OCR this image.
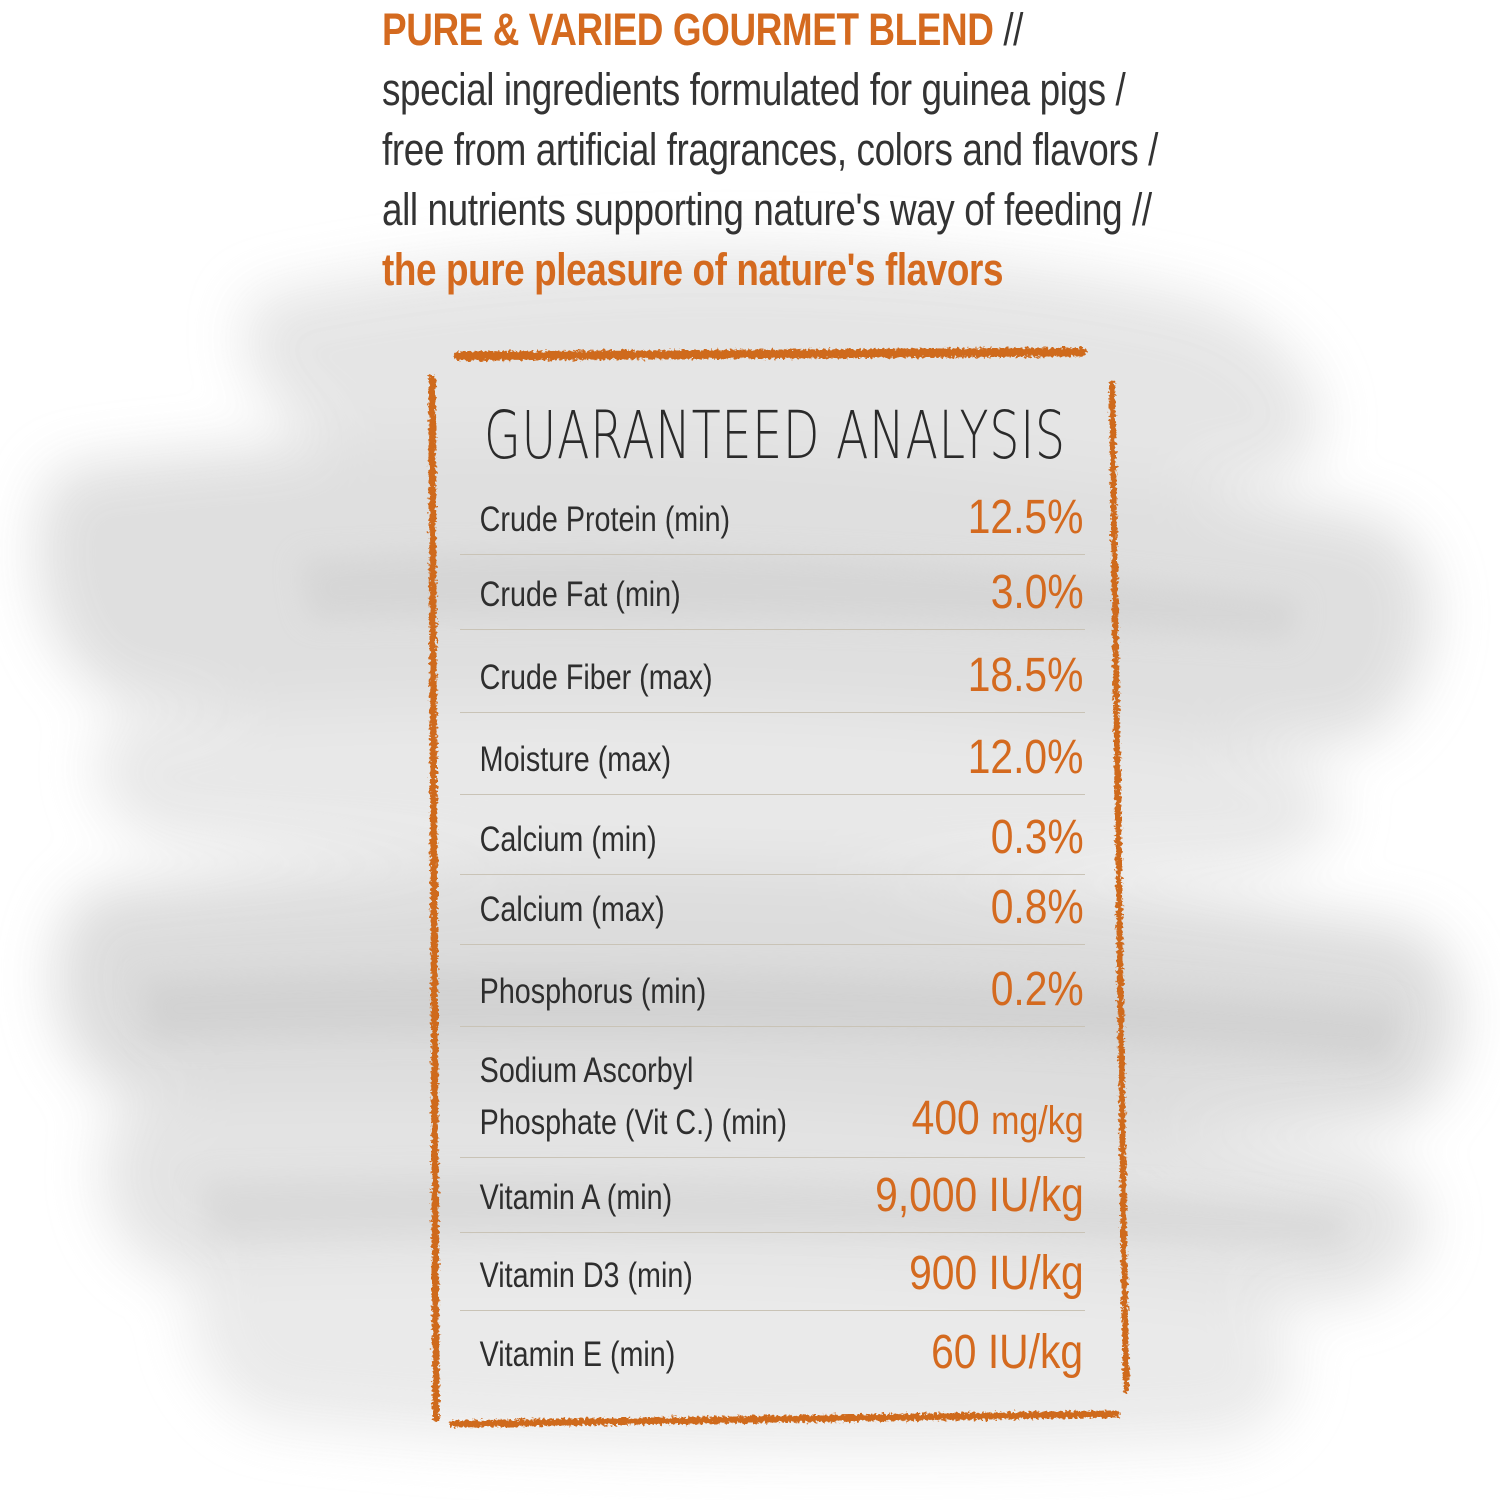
PURE & VARIED GOURMET BLEND //
special ingredients formulated for guinea pigs /
free from artificial fragrances, colors and flavors /
all nutrients supporting nature's way of feeding //
the pure pleasure of nature's flavors
GUARANTEED ANALYSIS
Crude Protein (min)	12.5%
Crude Fat (min)	3.0%
Crude Fiber (max)	18.5%
Moisture (max)	12.0%
Calcium (min)	0.3%
Calcium (max)	0.8%
Phosphorus (min)	0.2%
Sodium Ascorbyl
Phosphate (Vit C.) (min)	400 mg/kg
Vitamin A (min)	9,000 IU/kg
Vitamin D3 (min)	900 IU/kg
Vitamin E (min)	60 IU/kg
